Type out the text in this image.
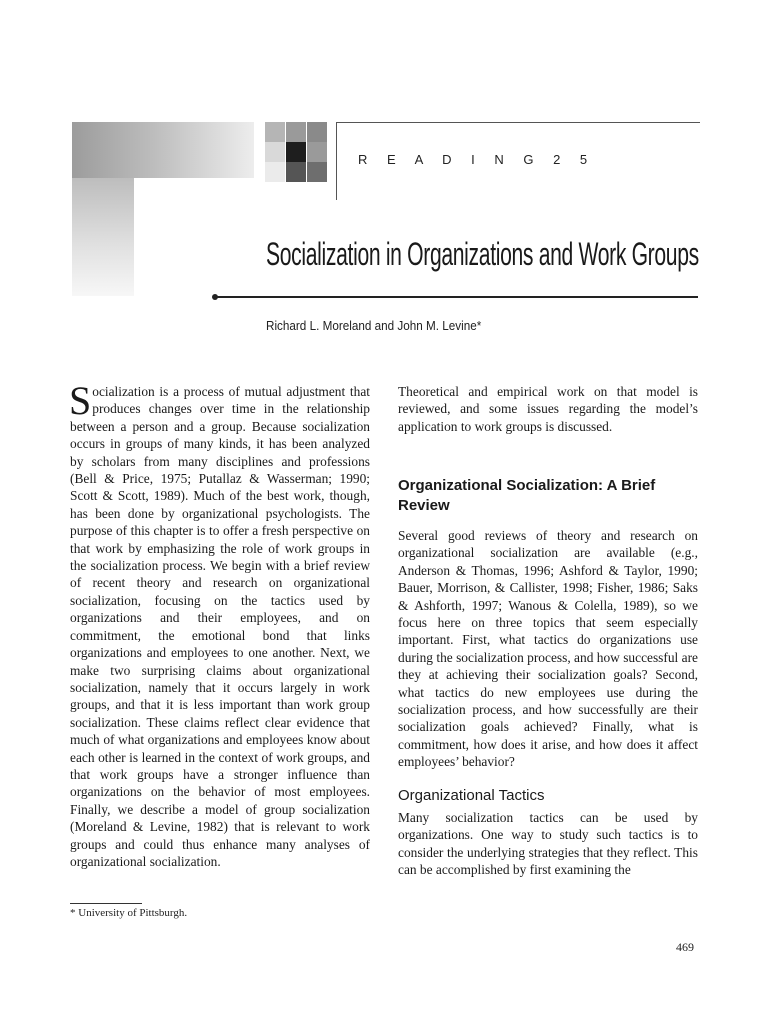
R E A D I N G 2 5
Socialization in Organizations and Work Groups
Richard L. Moreland and John M. Levine*
Socialization is a process of mutual adjustment that produces changes over time in the relationship between a person and a group. Because socialization occurs in groups of many kinds, it has been analyzed by scholars from many disciplines and professions (Bell & Price, 1975; Putallaz & Wasserman; 1990; Scott & Scott, 1989). Much of the best work, though, has been done by organizational psychologists. The purpose of this chapter is to offer a fresh perspective on that work by emphasizing the role of work groups in the socialization process. We begin with a brief review of recent theory and research on organizational socialization, focusing on the tactics used by organizations and their employees, and on commitment, the emotional bond that links organizations and employees to one another. Next, we make two surprising claims about organizational socialization, namely that it occurs largely in work groups, and that it is less important than work group socialization. These claims reflect clear evidence that much of what organizations and employees know about each other is learned in the context of work groups, and that work groups have a stronger influence than organizations on the behavior of most employees. Finally, we describe a model of group socialization (Moreland & Levine, 1982) that is relevant to work groups and could thus enhance many analyses of organizational socialization.
Theoretical and empirical work on that model is reviewed, and some issues regarding the model’s application to work groups is discussed.
Organizational Socialization: A Brief Review
Several good reviews of theory and research on organizational socialization are available (e.g., Anderson & Thomas, 1996; Ashford & Taylor, 1990; Bauer, Morrison, & Callister, 1998; Fisher, 1986; Saks & Ashforth, 1997; Wanous & Colella, 1989), so we focus here on three topics that seem especially important. First, what tactics do organizations use during the socialization process, and how successful are they at achieving their socialization goals? Second, what tactics do new employees use during the socialization process, and how successfully are their socialization goals achieved? Finally, what is commitment, how does it arise, and how does it affect employees’ behavior?
Organizational Tactics
Many socialization tactics can be used by organizations. One way to study such tactics is to consider the underlying strategies that they reflect. This can be accomplished by first examining the
* University of Pittsburgh.
469
